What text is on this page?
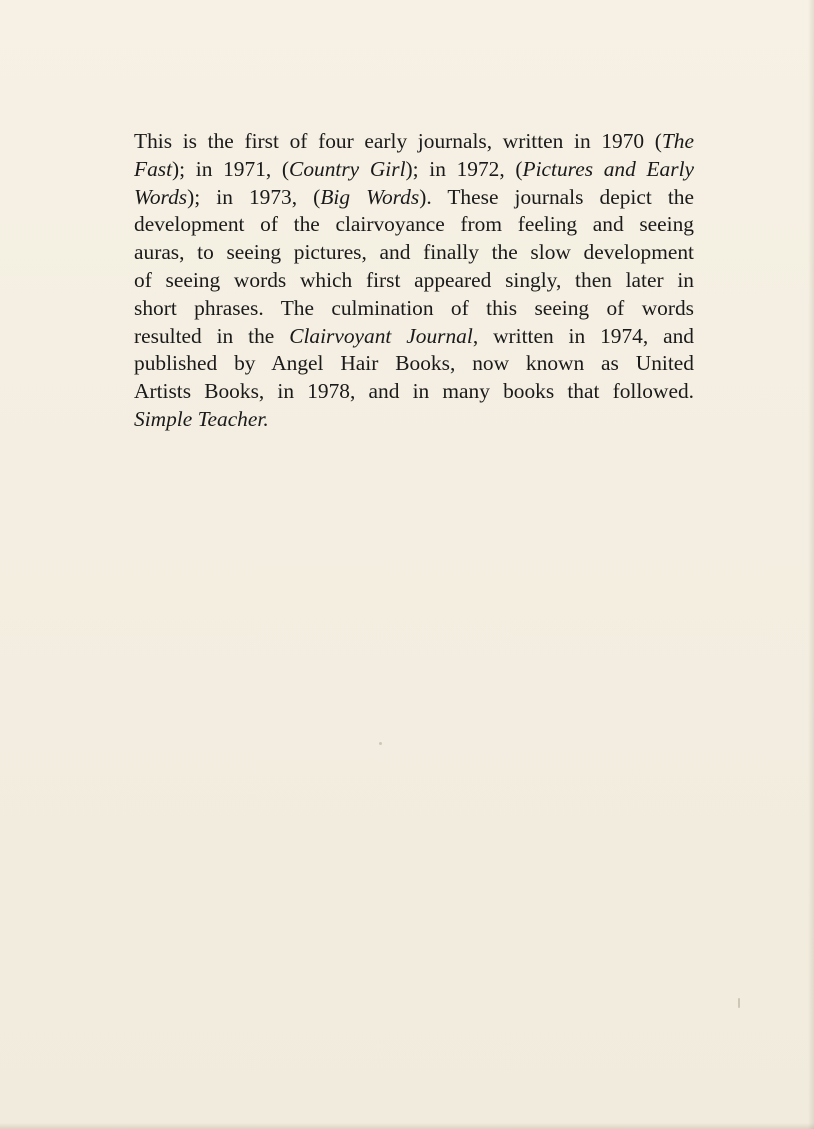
This is the first of four early journals, written in 1970 (The
Fast); in 1971, (Country Girl); in 1972, (Pictures and Early
Words); in 1973, (Big Words). These journals depict the
development of the clairvoyance from feeling and seeing
auras, to seeing pictures, and finally the slow development
of seeing words which first appeared singly, then later in
short phrases. The culmination of this seeing of words
resulted in the Clairvoyant Journal, written in 1974, and
published by Angel Hair Books, now known as United
Artists Books, in 1978, and in many books that followed.
Simple Teacher.
